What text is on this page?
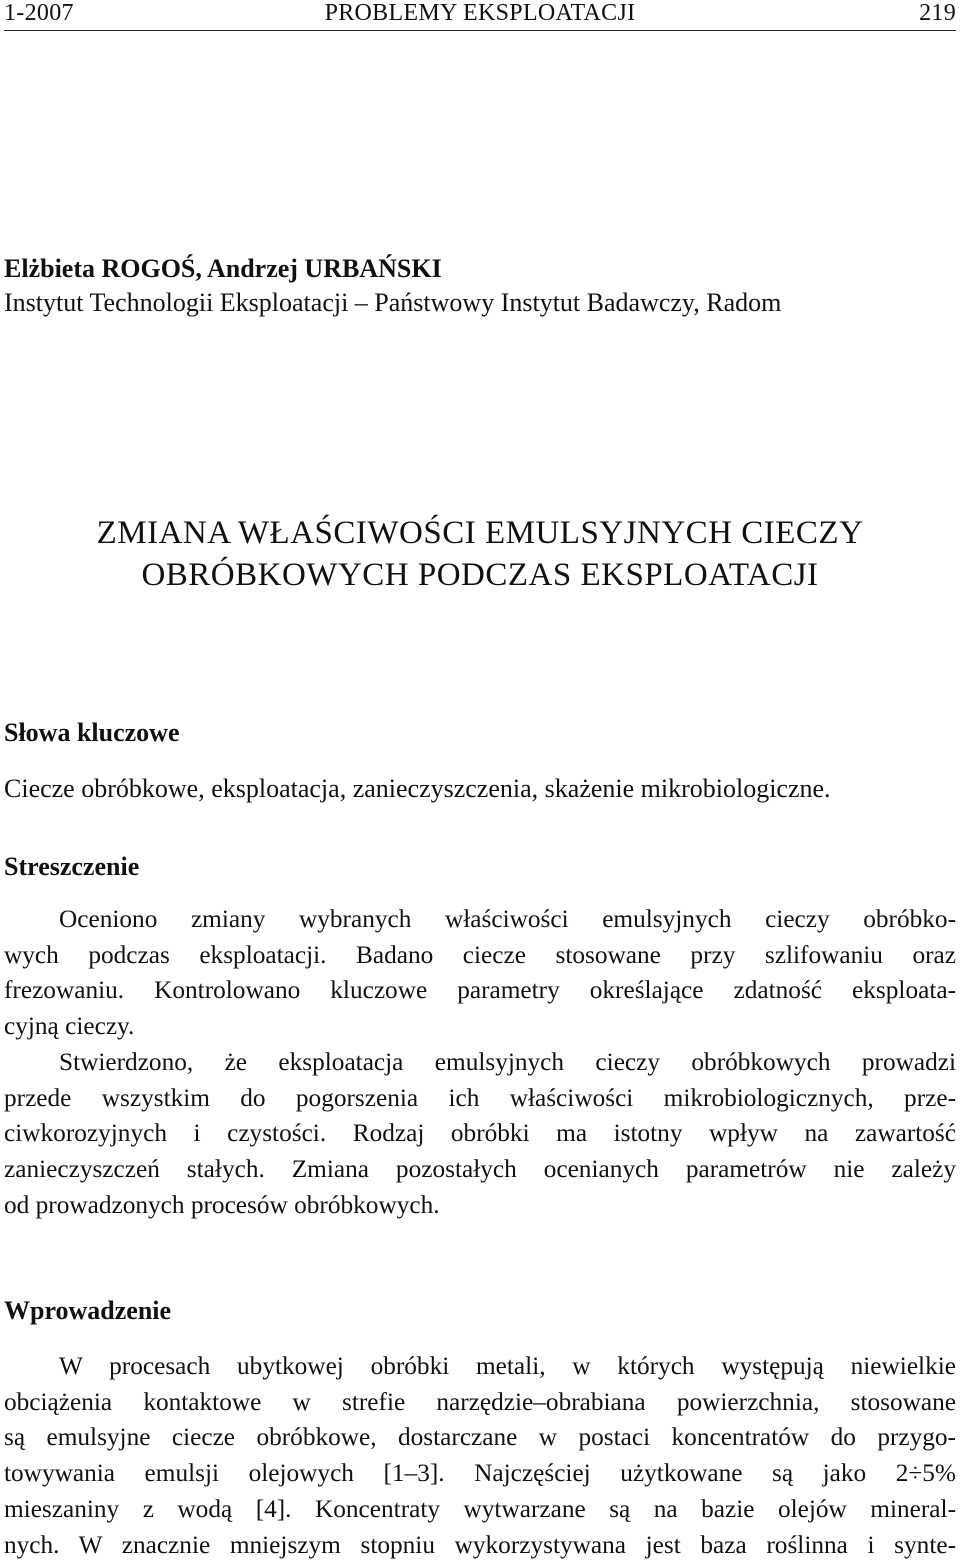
1-2007	PROBLEMY EKSPLOATACJI	219
Elżbieta ROGOŚ, Andrzej URBAŃSKI
Instytut Technologii Eksploatacji – Państwowy Instytut Badawczy, Radom
ZMIANA WŁAŚCIWOŚCI EMULSYJNYCH CIECZY
OBRÓBKOWYCH PODCZAS EKSPLOATACJI
Słowa kluczowe
Ciecze obróbkowe, eksploatacja, zanieczyszczenia, skażenie mikrobiologiczne.
Streszczenie
Oceniono zmiany wybranych właściwości emulsyjnych cieczy obróbko-
wych podczas eksploatacji. Badano ciecze stosowane przy szlifowaniu oraz
frezowaniu. Kontrolowano kluczowe parametry określające zdatność eksploata-
cyjną cieczy.
Stwierdzono, że eksploatacja emulsyjnych cieczy obróbkowych prowadzi
przede wszystkim do pogorszenia ich właściwości mikrobiologicznych, prze-
ciwkorozyjnych i czystości. Rodzaj obróbki ma istotny wpływ na zawartość
zanieczyszczeń stałych. Zmiana pozostałych ocenianych parametrów nie zależy
od prowadzonych procesów obróbkowych.
Wprowadzenie
W procesach ubytkowej obróbki metali, w których występują niewielkie
obciążenia kontaktowe w strefie narzędzie–obrabiana powierzchnia, stosowane
są emulsyjne ciecze obróbkowe, dostarczane w postaci koncentratów do przygo-
towywania emulsji olejowych [1–3]. Najczęściej użytkowane są jako 2÷5%
mieszaniny z wodą [4]. Koncentraty wytwarzane są na bazie olejów mineral-
nych. W znacznie mniejszym stopniu wykorzystywana jest baza roślinna i synte-
